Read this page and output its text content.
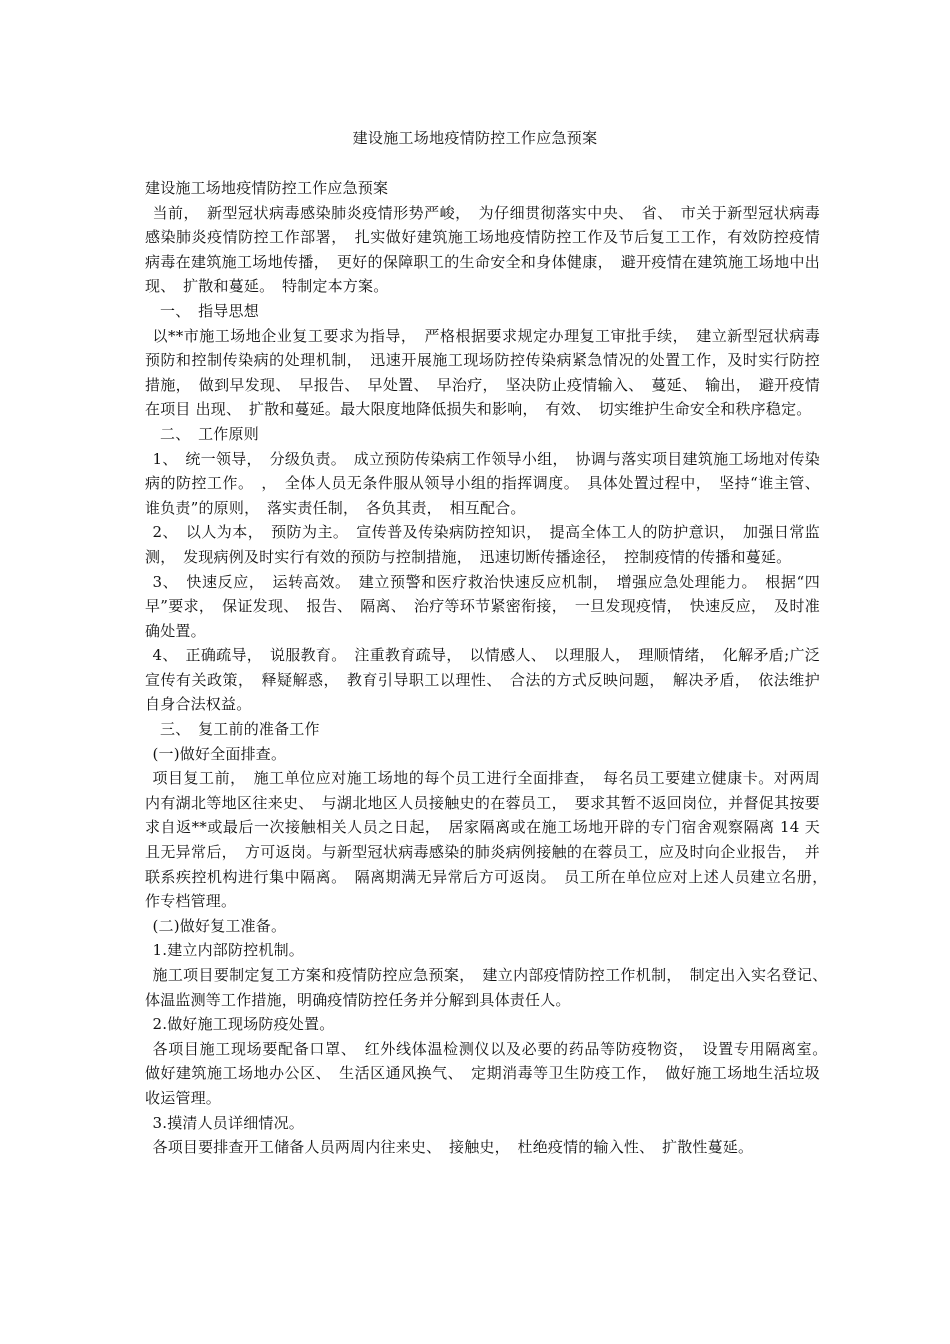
建设施工场地疫情防控工作应急预案

建设施工场地疫情防控工作应急预案

当前，　新型冠状病毒感染肺炎疫情形势严峻，　为仔细贯彻落实中央、　省、　市关于新型冠状病毒感染肺炎疫情防控工作部署，　扎实做好建筑施工场地疫情防控工作及节后复工工作，有效防控疫情病毒在建筑施工场地传播，　更好的保障职工的生命安全和身体健康，　避开疫情在建筑施工场地中出现、　扩散和蔓延。　特制定本方案。

一、　指导思想

以**市施工场地企业复工要求为指导，　严格根据要求规定办理复工审批手续，　建立新型冠状病毒预防和控制传染病的处理机制，　迅速开展施工现场防控传染病紧急情况的处置工作，及时实行防控措施，　做到早发现、　早报告、　早处置、　早治疗，　坚决防止疫情输入、　蔓延、　输出，　避开疫情在项目 出现、　扩散和蔓延。最大限度地降低损失和影响，　有效、　切实维护生命安全和秩序稳定。

二、　工作原则

1、　统一领导，　分级负责。　成立预防传染病工作领导小组，　协调与落实项目建筑施工场地对传染病的防控工作。　，　全体人员无条件服从领导小组的指挥调度。　具体处置过程中，　坚持“谁主管、谁负责”的原则，　落实责任制，　各负其责，　相互配合。

2、　以人为本，　预防为主。　宣传普及传染病防控知识，　提高全体工人的防护意识，　加强日常监测，　发现病例及时实行有效的预防与控制措施，　迅速切断传播途径，　控制疫情的传播和蔓延。

3、　快速反应，　运转高效。　建立预警和医疗救治快速反应机制，　增强应急处理能力。　根据“四早”要求，　保证发现、　报告、　隔离、　治疗等环节紧密衔接，　一旦发现疫情，　快速反应，　及时准确处置。

4、　正确疏导，　说服教育。　注重教育疏导，　以情感人、　以理服人，　理顺情绪，　化解矛盾;广泛宣传有关政策，　释疑解惑，　教育引导职工以理性、　合法的方式反映问题，　解决矛盾，　依法维护自身合法权益。

三、　复工前的准备工作

(一)做好全面排查。

项目复工前，　施工单位应对施工场地的每个员工进行全面排查，　每名员工要建立健康卡。对两周内有湖北等地区往来史、　与湖北地区人员接触史的在蓉员工，　要求其暂不返回岗位，并督促其按要求自返**或最后一次接触相关人员之日起，　居家隔离或在施工场地开辟的专门宿舍观察隔离 14 天且无异常后，　方可返岗。与新型冠状病毒感染的肺炎病例接触的在蓉员工，应及时向企业报告，　并联系疾控机构进行集中隔离。　隔离期满无异常后方可返岗。　员工所在单位应对上述人员建立名册，　作专档管理。

(二)做好复工准备。

1.建立内部防控机制。

施工项目要制定复工方案和疫情防控应急预案，　建立内部疫情防控工作机制，　制定出入实名登记、　体温监测等工作措施，明确疫情防控任务并分解到具体责任人。

2.做好施工现场防疫处置。

各项目施工现场要配备口罩、　红外线体温检测仪以及必要的药品等防疫物资，　设置专用隔离室。　做好建筑施工场地办公区、　生活区通风换气、　定期消毒等卫生防疫工作，　做好施工场地生活垃圾收运管理。

3.摸清人员详细情况。

各项目要排查开工储备人员两周内往来史、　接触史，　杜绝疫情的输入性、　扩散性蔓延。
